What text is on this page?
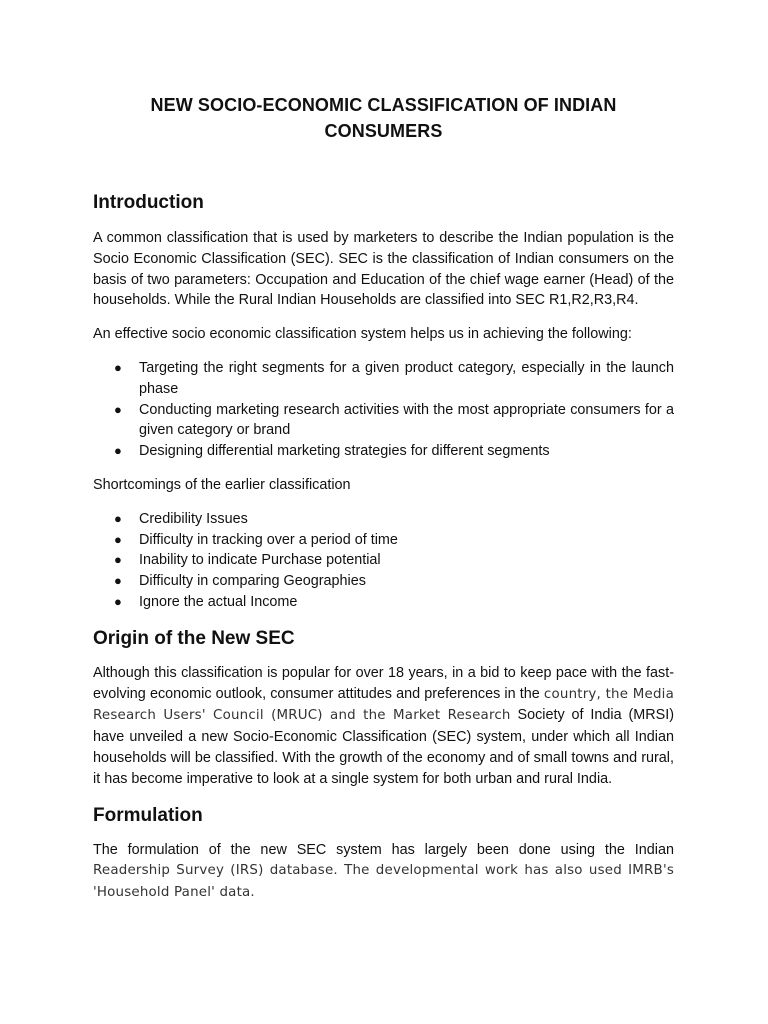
NEW SOCIO-ECONOMIC CLASSIFICATION OF INDIAN
CONSUMERS
Introduction

A common classification that is used by marketers to describe the Indian population is the Socio Economic Classification (SEC). SEC is the classification of Indian consumers on the basis of two parameters: Occupation and Education of the chief wage earner (Head) of the households. While the Rural Indian Households are classified into SEC R1,R2,R3,R4.

An effective socio economic classification system helps us in achieving the following:

● Targeting the right segments for a given product category, especially in the launch phase
● Conducting marketing research activities with the most appropriate consumers for a given category or brand
● Designing differential marketing strategies for different segments

Shortcomings of the earlier classification

● Credibility Issues
● Difficulty in tracking over a period of time
● Inability to indicate Purchase potential
● Difficulty in comparing Geographies
● Ignore the actual Income
Origin of the New SEC

Although this classification is popular for over 18 years, in a bid to keep pace with the fast-evolving economic outlook, consumer attitudes and preferences in the country, the Media Research Users' Council (MRUC) and the Market Research Society of India (MRSI) have unveiled a new Socio-Economic Classification (SEC) system, under which all Indian households will be classified. With the growth of the economy and of small towns and rural, it has become imperative to look at a single system for both urban and rural India.

Formulation

The formulation of the new SEC system has largely been done using the Indian Readership Survey (IRS) database. The developmental work has also used IMRB's 'Household Panel' data.
